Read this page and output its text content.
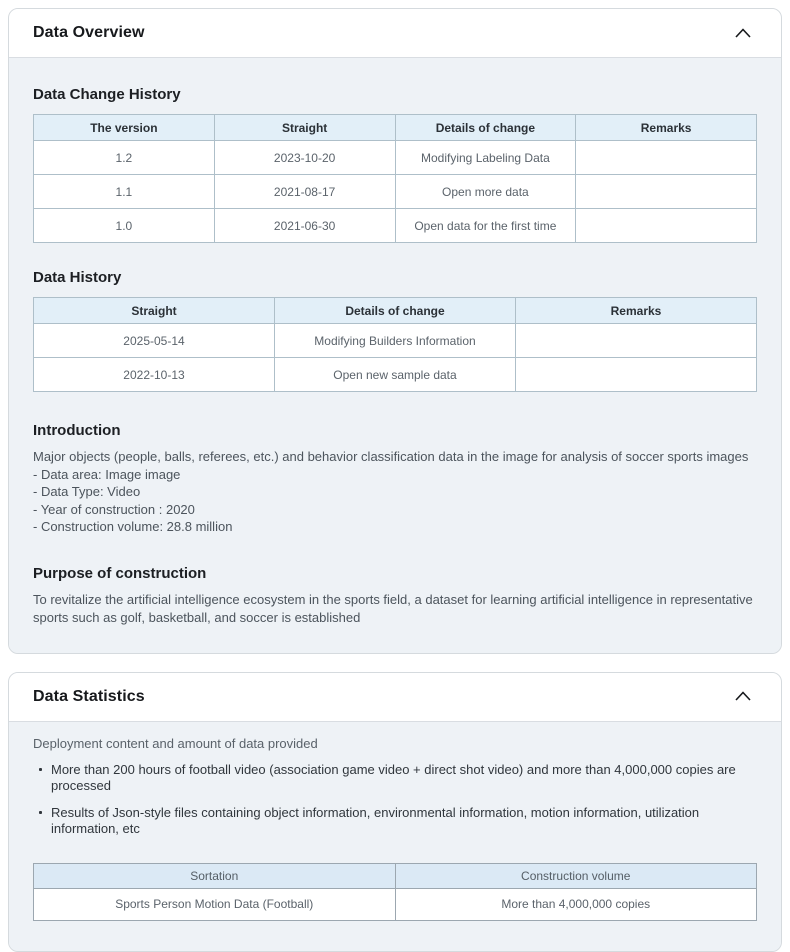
Data Overview
Data Change History
The version	Straight	Details of change	Remarks
1.2	2023-10-20	Modifying Labeling Data	
1.1	2021-08-17	Open more data	
1.0	2021-06-30	Open data for the first time	
Data History
Straight	Details of change	Remarks
2025-05-14	Modifying Builders Information	
2022-10-13	Open new sample data	
Introduction

Major objects (people, balls, referees, etc.) and behavior classification data in the image for analysis of soccer sports images

- Data area: Image image

- Data Type: Video

- Year of construction : 2020

- Construction volume: 28.8 million

Purpose of construction

To revitalize the artificial intelligence ecosystem in the sports field, a dataset for learning artificial intelligence in representative sports such as golf, basketball, and soccer is established

Data Statistics

Deployment content and amount of data provided

More than 200 hours of football video (association game video + direct shot video) and more than 4,000,000 copies are processed
Results of Json-style files containing object information, environmental information, motion information, utilization information, etc
Sortation	Construction volume
Sports Person Motion Data (Football)	More than 4,000,000 copies
